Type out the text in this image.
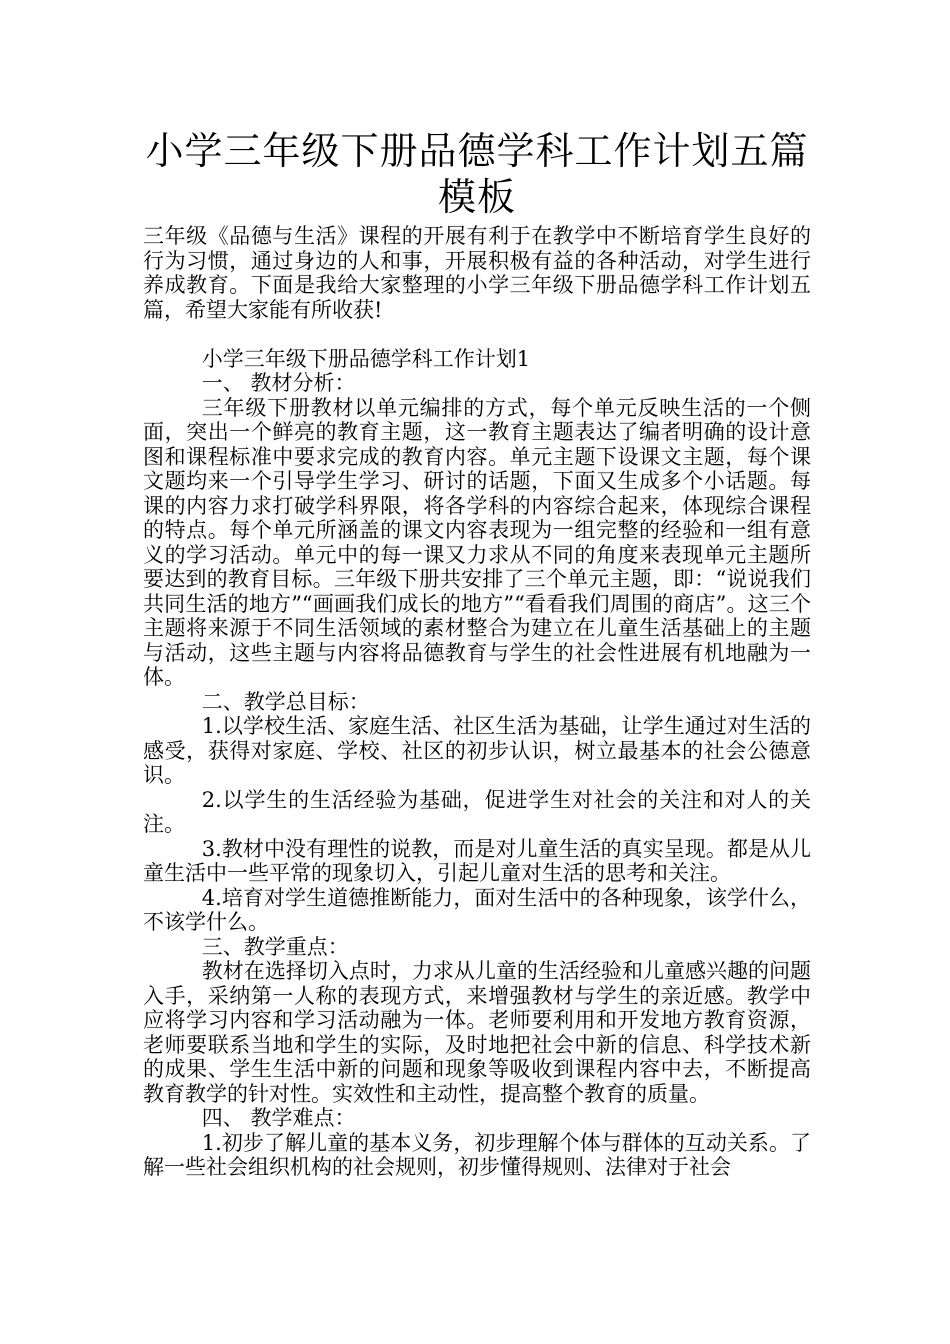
小学三年级下册品德学科工作计划五篇模板

三年级《品德与生活》课程的开展有利于在教学中不断培育学生良好的行为习惯，通过身边的人和事，开展积极有益的各种活动，对学生进行养成教育。下面是我给大家整理的小学三年级下册品德学科工作计划五篇，希望大家能有所收获!

小学三年级下册品德学科工作计划1

一、 教材分析：

三年级下册教材以单元编排的方式，每个单元反映生活的一个侧面，突出一个鲜亮的教育主题，这一教育主题表达了编者明确的设计意图和课程标准中要求完成的教育内容。单元主题下设课文主题，每个课文题均来一个引导学生学习、研讨的话题，下面又生成多个小话题。每课的内容力求打破学科界限，将各学科的内容综合起来，体现综合课程的特点。每个单元所涵盖的课文内容表现为一组完整的经验和一组有意义的学习活动。单元中的每一课又力求从不同的角度来表现单元主题所要达到的教育目标。三年级下册共安排了三个单元主题，即：“说说我们共同生活的地方”“画画我们成长的地方”“看看我们周围的商店”。这三个主题将来源于不同生活领域的素材整合为建立在儿童生活基础上的主题与活动，这些主题与内容将品德教育与学生的社会性进展有机地融为一体。

二、教学总目标：

1.以学校生活、家庭生活、社区生活为基础，让学生通过对生活的感受，获得对家庭、学校、社区的初步认识，树立最基本的社会公德意识。

2.以学生的生活经验为基础，促进学生对社会的关注和对人的关注。

3.教材中没有理性的说教，而是对儿童生活的真实呈现。都是从儿童生活中一些平常的现象切入，引起儿童对生活的思考和关注。

4.培育对学生道德推断能力，面对生活中的各种现象，该学什么，不该学什么。

三、教学重点：

教材在选择切入点时，力求从儿童的生活经验和儿童感兴趣的问题入手，采纳第一人称的表现方式，来增强教材与学生的亲近感。教学中应将学习内容和学习活动融为一体。老师要利用和开发地方教育资源，老师要联系当地和学生的实际，及时地把社会中新的信息、科学技术新的成果、学生生活中新的问题和现象等吸收到课程内容中去，不断提高教育教学的针对性。实效性和主动性，提高整个教育的质量。

四、 教学难点：

1.初步了解儿童的基本义务，初步理解个体与群体的互动关系。了解一些社会组织机构的社会规则，初步懂得规则、法律对于社会
